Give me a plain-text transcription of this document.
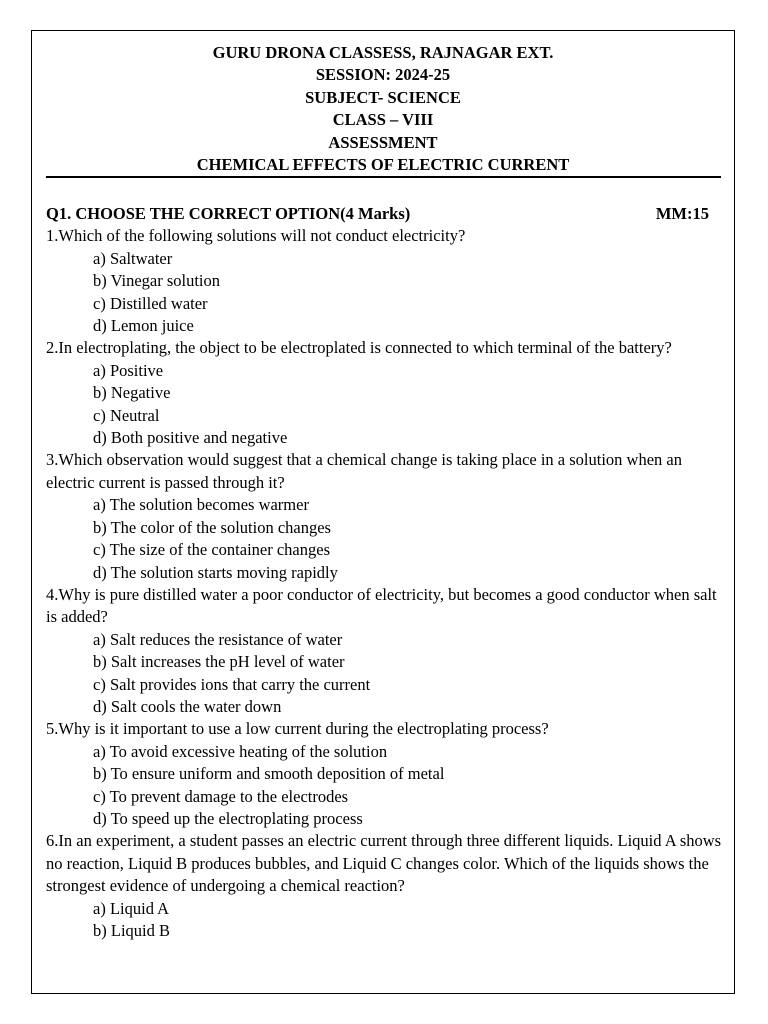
GURU DRONA CLASSESS, RAJNAGAR EXT.
SESSION: 2024-25
SUBJECT- SCIENCE
CLASS – VIII
ASSESSMENT
CHEMICAL EFFECTS OF ELECTRIC CURRENT
Q1. CHOOSE THE CORRECT OPTION(4 Marks)	MM:15
1.Which of the following solutions will not conduct electricity?
a) Saltwater
b) Vinegar solution
c) Distilled water
d) Lemon juice
2.In electroplating, the object to be electroplated is connected to which terminal of the battery?
a) Positive
b) Negative
c) Neutral
d) Both positive and negative
3.Which observation would suggest that a chemical change is taking place in a solution when an electric current is passed through it?
a) The solution becomes warmer
b) The color of the solution changes
c) The size of the container changes
d) The solution starts moving rapidly
4.Why is pure distilled water a poor conductor of electricity, but becomes a good conductor when salt is added?
a) Salt reduces the resistance of water
b) Salt increases the pH level of water
c) Salt provides ions that carry the current
d) Salt cools the water down
5.Why is it important to use a low current during the electroplating process?
a) To avoid excessive heating of the solution
b) To ensure uniform and smooth deposition of metal
c) To prevent damage to the electrodes
d) To speed up the electroplating process
6.In an experiment, a student passes an electric current through three different liquids. Liquid A shows no reaction, Liquid B produces bubbles, and Liquid C changes color. Which of the liquids shows the strongest evidence of undergoing a chemical reaction?
a) Liquid A
b) Liquid B
